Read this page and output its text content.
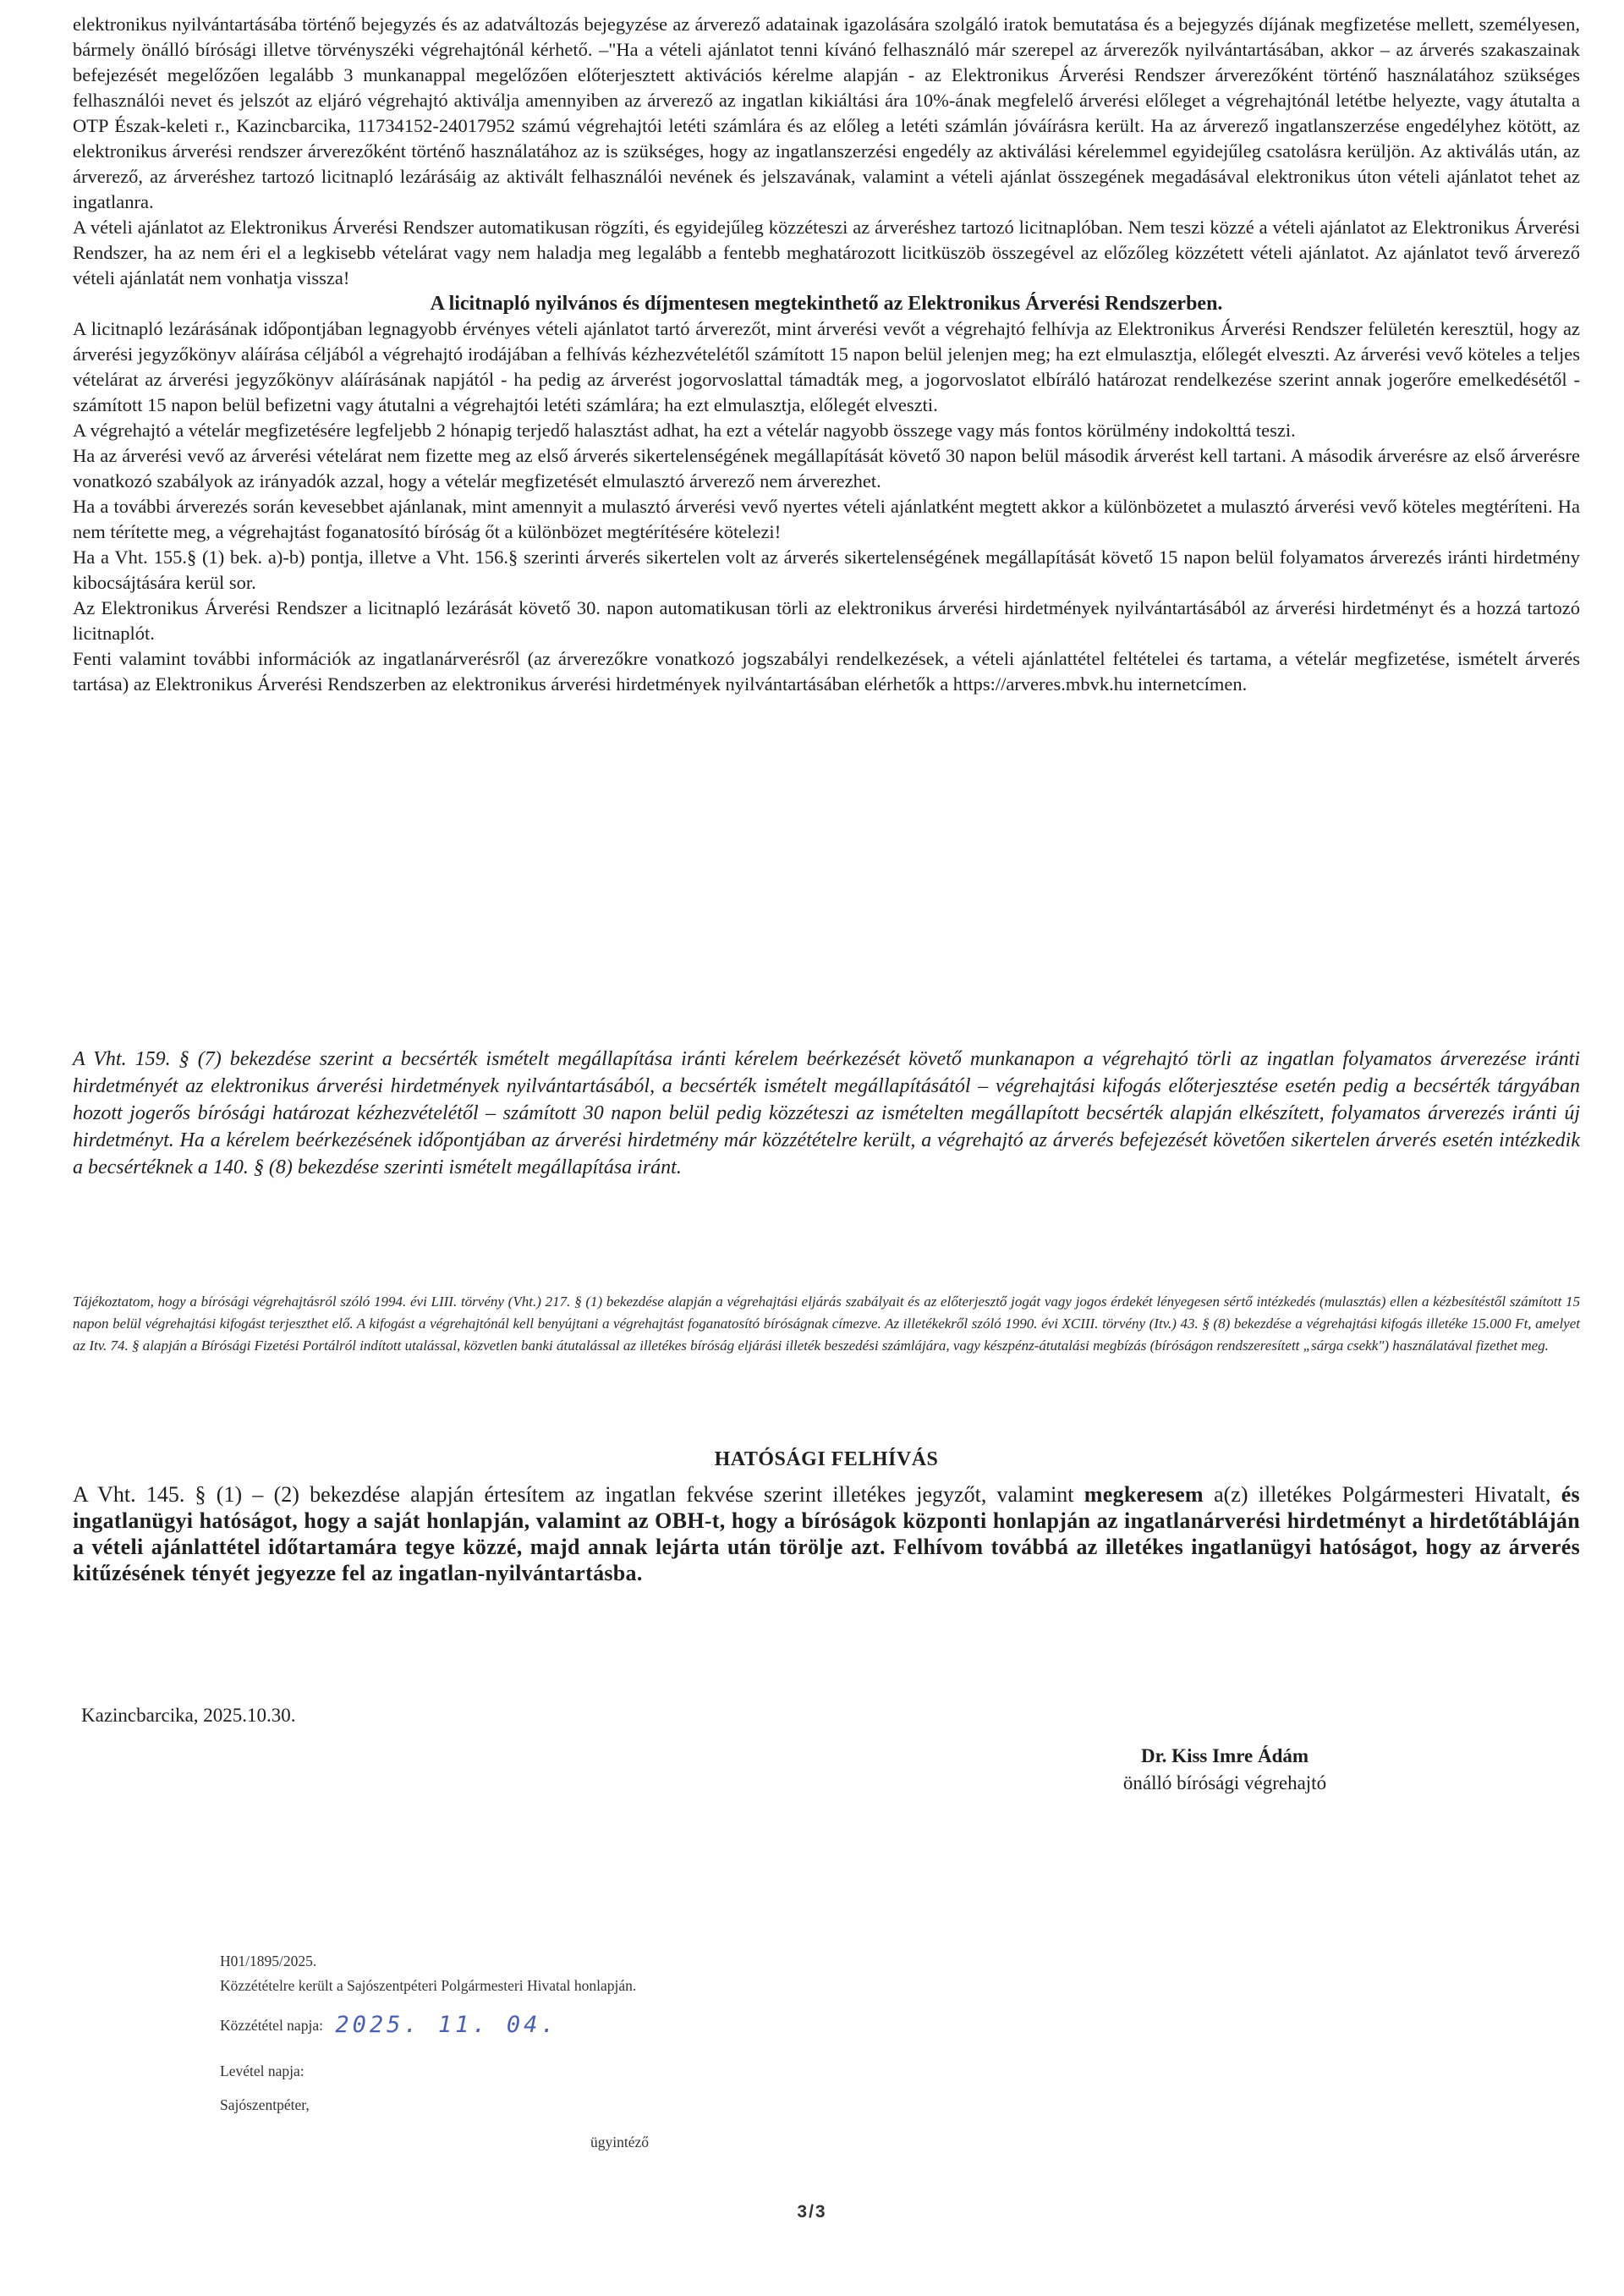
elektronikus nyilvántartásába történő bejegyzés és az adatváltozás bejegyzése az árverező adatainak igazolására szolgáló iratok bemutatása és a bejegyzés díjának megfizetése mellett, személyesen, bármely önálló bírósági illetve törvényszéki végrehajtónál kérhető. –"Ha a vételi ajánlatot tenni kívánó felhasználó már szerepel az árverezők nyilvántartásában, akkor – az árverés szakaszainak befejezését megelőzően legalább 3 munkanappal megelőzően előterjesztett aktivációs kérelme alapján - az Elektronikus Árverési Rendszer árverezőként történő használatához szükséges felhasználói nevet és jelszót az eljáró végrehajtó aktiválja amennyiben az árverező az ingatlan kikiáltási ára 10%-ának megfelelő árverési előleget a végrehajtónál letétbe helyezte, vagy átutalta a OTP Észak-keleti r., Kazincbarcika, 11734152-24017952 számú végrehajtói letéti számlára és az előleg a letéti számlán jóváírásra került. Ha az árverező ingatlanszerzése engedélyhez kötött, az elektronikus árverési rendszer árverezőként történő használatához az is szükséges, hogy az ingatlanszerzési engedély az aktiválási kérelemmel egyidejűleg csatolásra kerüljön. Az aktiválás után, az árverező, az árveréshez tartozó licitnapló lezárásáig az aktivált felhasználói nevének és jelszavának, valamint a vételi ajánlat összegének megadásával elektronikus úton vételi ajánlatot tehet az ingatlanra.

A vételi ajánlatot az Elektronikus Árverési Rendszer automatikusan rögzíti, és egyidejűleg közzéteszi az árveréshez tartozó licitnaplóban. Nem teszi közzé a vételi ajánlatot az Elektronikus Árverési Rendszer, ha az nem éri el a legkisebb vételárat vagy nem haladja meg legalább a fentebb meghatározott licitküszöb összegével az előzőleg közzétett vételi ajánlatot. Az ajánlatot tevő árverező vételi ajánlatát nem vonhatja vissza!

A licitnapló nyilvános és díjmentesen megtekinthető az Elektronikus Árverési Rendszerben.

A licitnapló lezárásának időpontjában legnagyobb érvényes vételi ajánlatot tartó árverezőt, mint árverési vevőt a végrehajtó felhívja az Elektronikus Árverési Rendszer felületén keresztül, hogy az árverési jegyzőkönyv aláírása céljából a végrehajtó irodájában a felhívás kézhezvételétől számított 15 napon belül jelenjen meg; ha ezt elmulasztja, előlegét elveszti. Az árverési vevő köteles a teljes vételárat az árverési jegyzőkönyv aláírásának napjától - ha pedig az árverést jogorvoslattal támadták meg, a jogorvoslatot elbíráló határozat rendelkezése szerint annak jogerőre emelkedésétől - számított 15 napon belül befizetni vagy átutalni a végrehajtói letéti számlára; ha ezt elmulasztja, előlegét elveszti.

A végrehajtó a vételár megfizetésére legfeljebb 2 hónapig terjedő halasztást adhat, ha ezt a vételár nagyobb összege vagy más fontos körülmény indokolttá teszi.

Ha az árverési vevő az árverési vételárat nem fizette meg az első árverés sikertelenségének megállapítását követő 30 napon belül második árverést kell tartani. A második árverésre az első árverésre vonatkozó szabályok az irányadók azzal, hogy a vételár megfizetését elmulasztó árverező nem árverezhet.

Ha a további árverezés során kevesebbet ajánlanak, mint amennyit a mulasztó árverési vevő nyertes vételi ajánlatként megtett akkor a különbözetet a mulasztó árverési vevő köteles megtéríteni. Ha nem térítette meg, a végrehajtást foganatosító bíróság őt a különbözet megtérítésére kötelezi!

Ha a Vht. 155.§ (1) bek. a)-b) pontja, illetve a Vht. 156.§ szerinti árverés sikertelen volt az árverés sikertelenségének megállapítását követő 15 napon belül folyamatos árverezés iránti hirdetmény kibocsájtására kerül sor.

Az Elektronikus Árverési Rendszer a licitnapló lezárását követő 30. napon automatikusan törli az elektronikus árverési hirdetmények nyilvántartásából az árverési hirdetményt és a hozzá tartozó licitnaplót.

Fenti valamint további információk az ingatlanárverésről (az árverezőkre vonatkozó jogszabályi rendelkezések, a vételi ajánlattétel feltételei és tartama, a vételár megfizetése, ismételt árverés tartása) az Elektronikus Árverési Rendszerben az elektronikus árverési hirdetmények nyilvántartásában elérhetők a https://arveres.mbvk.hu internetcímen.

A Vht. 159. § (7) bekezdése szerint a becsérték ismételt megállapítása iránti kérelem beérkezését követő munkanapon a végrehajtó törli az ingatlan folyamatos árverezése iránti hirdetményét az elektronikus árverési hirdetmények nyilvántartásából, a becsérték ismételt megállapításától – végrehajtási kifogás előterjesztése esetén pedig a becsérték tárgyában hozott jogerős bírósági határozat kézhezvételétől – számított 30 napon belül pedig közzéteszi az ismételten megállapított becsérték alapján elkészített, folyamatos árverezés iránti új hirdetményt. Ha a kérelem beérkezésének időpontjában az árverési hirdetmény már közzétételre került, a végrehajtó az árverés befejezését követően sikertelen árverés esetén intézkedik a becsértéknek a 140. § (8) bekezdése szerinti ismételt megállapítása iránt.

Tájékoztatom, hogy a bírósági végrehajtásról szóló 1994. évi LIII. törvény (Vht.) 217. § (1) bekezdése alapján a végrehajtási eljárás szabályait és az előterjesztő jogát vagy jogos érdekét lényegesen sértő intézkedés (mulasztás) ellen a kézbesítéstől számított 15 napon belül végrehajtási kifogást terjeszthet elő. A kifogást a végrehajtónál kell benyújtani a végrehajtást foganatosító bíróságnak címezve. Az illetékekről szóló 1990. évi XCIII. törvény (Itv.) 43. § (8) bekezdése a végrehajtási kifogás illetéke 15.000 Ft, amelyet az Itv. 74. § alapján a Bírósági Fizetési Portálról indított utalással, közvetlen banki átutalással az illetékes bíróság eljárási illeték beszedési számlájára, vagy készpénz-átutalási megbízás (bíróságon rendszeresített „sárga csekk") használatával fizethet meg.

HATÓSÁGI FELHÍVÁS

A Vht. 145. § (1) – (2) bekezdése alapján értesítem az ingatlan fekvése szerint illetékes jegyzőt, valamint megkeresem a(z) illetékes Polgármesteri Hivatalt, és ingatlanügyi hatóságot, hogy a saját honlapján, valamint az OBH-t, hogy a bíróságok központi honlapján az ingatlanárverési hirdetményt a hirdetőtábláján a vételi ajánlattétel időtartamára tegye közzé, majd annak lejárta után törölje azt. Felhívom továbbá az illetékes ingatlanügyi hatóságot, hogy az árverés kitűzésének tényét jegyezze fel az ingatlan-nyilvántartásba.

Kazincbarcika, 2025.10.30.
Dr. Kiss Imre Ádám
önálló bírósági végrehajtó
H01/1895/2025.
Közzétételre került a Sajószentpéteri Polgármesteri Hivatal honlapján.
Közzététel napja: 2025. 11. 04.
Levétel napja:
Sajószentpéter,
ügyintéző
3/3
